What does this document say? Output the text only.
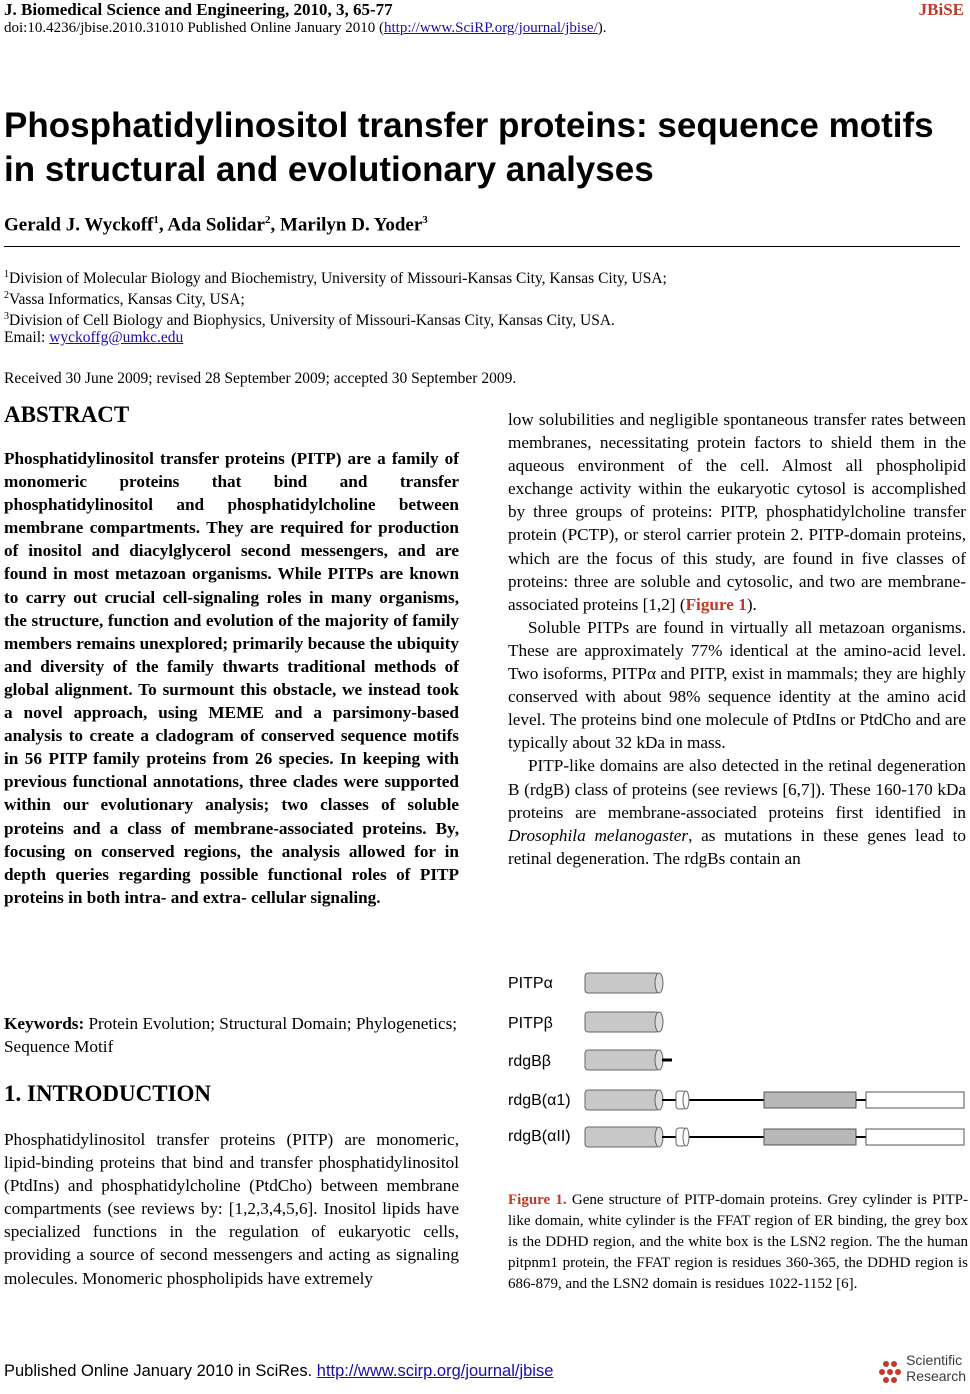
J. Biomedical Science and Engineering, 2010, 3, 65-77	JBiSE
doi:10.4236/jbise.2010.31010 Published Online January 2010 (http://www.SciRP.org/journal/jbise/).
Phosphatidylinositol transfer proteins: sequence motifs in structural and evolutionary analyses
Gerald J. Wyckoff$^1$, Ada Solidar$^2$, Marilyn D. Yoder$^3$
$^1$Division of Molecular Biology and Biochemistry, University of Missouri-Kansas City, Kansas City, USA;
$^2$Vassa Informatics, Kansas City, USA;
$^3$Division of Cell Biology and Biophysics, University of Missouri-Kansas City, Kansas City, USA.
Email: wyckoffg@umkc.edu
Received 30 June 2009; revised 28 September 2009; accepted 30 September 2009.
ABSTRACT
Phosphatidylinositol transfer proteins (PITP) are a family of monomeric proteins that bind and transfer phosphatidylinositol and phosphatidylcholine between membrane compartments. They are required for production of inositol and diacylglycerol second messengers, and are found in most metazoan organisms. While PITPs are known to carry out crucial cell-signaling roles in many organisms, the structure, function and evolution of the majority of family members remains unexplored; primarily because the ubiquity and diversity of the family thwarts traditional methods of global alignment. To surmount this obstacle, we instead took a novel approach, using MEME and a parsimony-based analysis to create a cladogram of conserved sequence motifs in 56 PITP family proteins from 26 species. In keeping with previous functional annotations, three clades were supported within our evolutionary analysis; two classes of soluble proteins and a class of membrane-associated proteins. By, focusing on conserved regions, the analysis allowed for in depth queries regarding possible functional roles of PITP proteins in both intra- and extra- cellular signaling.
Keywords: Protein Evolution; Structural Domain; Phylogenetics; Sequence Motif
1. INTRODUCTION
Phosphatidylinositol transfer proteins (PITP) are monomeric, lipid-binding proteins that bind and transfer phosphatidylinositol (PtdIns) and phosphatidylcholine (PtdCho) between membrane compartments (see reviews by: [1,2,3,4,5,6]. Inositol lipids have specialized functions in the regulation of eukaryotic cells, providing a source of second messengers and acting as signaling molecules. Monomeric phospholipids have extremely

low solubilities and negligible spontaneous transfer rates between membranes, necessitating protein factors to shield them in the aqueous environment of the cell. Almost all phospholipid exchange activity within the eukaryotic cytosol is accomplished by three groups of proteins: PITP, phosphatidylcholine transfer protein (PCTP), or sterol carrier protein 2. PITP-domain proteins, which are the focus of this study, are found in five classes of proteins: three are soluble and cytosolic, and two are membrane-associated proteins [1,2] (Figure 1).

Soluble PITPs are found in virtually all metazoan organisms. These are approximately 77% identical at the amino-acid level. Two isoforms, PITPα and PITP, exist in mammals; they are highly conserved with about 98% sequence identity at the amino acid level. The proteins bind one molecule of PtdIns or PtdCho and are typically about 32 kDa in mass.

PITP-like domains are also detected in the retinal degeneration B (rdgB) class of proteins (see reviews [6,7]). These 160-170 kDa proteins are membrane-associated proteins first identified in Drosophila melanogaster, as mutations in these genes lead to retinal degeneration. The rdgBs contain an

PITPα
PITPβ
rdgBβ
rdgB(α1)
rdgB(αII)
Figure 1. Gene structure of PITP-domain proteins. Grey cylinder is PITP-like domain, white cylinder is the FFAT region of ER binding, the grey box is the DDHD region, and the white box is the LSN2 region. The the human pitpnm1 protein, the FFAT region is residues 360-365, the DDHD region is 686-879, and the LSN2 domain is residues 1022-1152 [6].
Published Online January 2010 in SciRes. http://www.scirp.org/journal/jbise
Scientific
Research
